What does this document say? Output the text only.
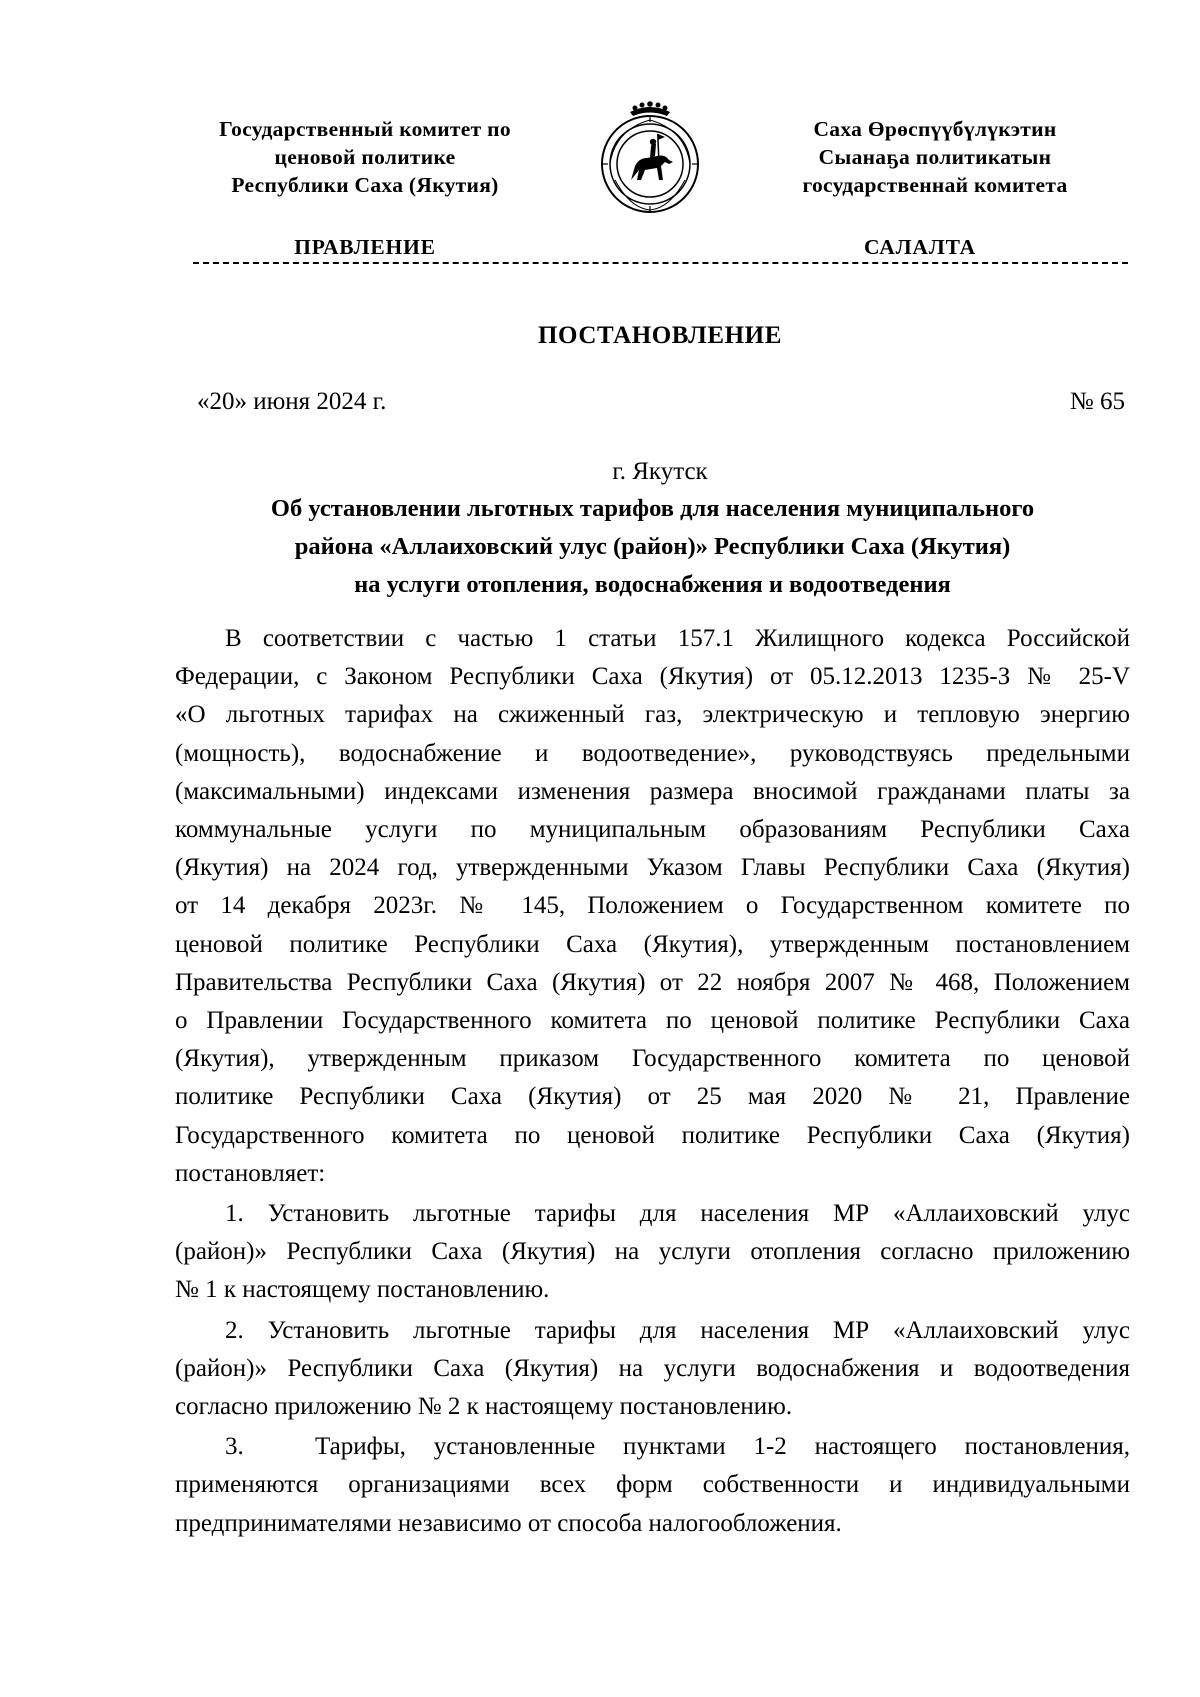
Государственный комитет по
ценовой политике
Республики Саха (Якутия)
Саха Өрөспүүбүлүкэтин
Сыанаҕа политикатын
государственнай комитета
ПРАВЛЕНИЕ	САЛАЛТА
ПОСТАНОВЛЕНИЕ
«20» июня 2024 г.	№ 65
г. Якутск
Об установлении льготных тарифов для населения муниципального
района «Аллаиховский улус (район)» Республики Саха (Якутия)
на услуги отопления, водоснабжения и водоотведения
В соответствии с частью 1 статьи 157.1 Жилищного кодекса Российской
Федерации, с Законом Республики Саха (Якутия) от 05.12.2013 1235-З № 25-V
«О льготных тарифах на сжиженный газ, электрическую и тепловую энергию
(мощность), водоснабжение и водоотведение», руководствуясь предельными
(максимальными) индексами изменения размера вносимой гражданами платы за
коммунальные услуги по муниципальным образованиям Республики Саха
(Якутия) на 2024 год, утвержденными Указом Главы Республики Саха (Якутия)
от 14 декабря 2023г. № 145, Положением о Государственном комитете по
ценовой политике Республики Саха (Якутия), утвержденным постановлением
Правительства Республики Саха (Якутия) от 22 ноября 2007 № 468, Положением
о Правлении Государственного комитета по ценовой политике Республики Саха
(Якутия), утвержденным приказом Государственного комитета по ценовой
политике Республики Саха (Якутия) от 25 мая 2020 № 21, Правление
Государственного комитета по ценовой политике Республики Саха (Якутия)
постановляет:
1. Установить льготные тарифы для населения МР «Аллаиховский улус
(район)» Республики Саха (Якутия) на услуги отопления согласно приложению
№ 1 к настоящему постановлению.
2. Установить льготные тарифы для населения МР «Аллаиховский улус
(район)» Республики Саха (Якутия) на услуги водоснабжения и водоотведения
согласно приложению № 2 к настоящему постановлению.
3.	Тарифы, установленные пунктами 1-2 настоящего постановления,
применяются организациями всех форм собственности и индивидуальными
предпринимателями независимо от способа налогообложения.
